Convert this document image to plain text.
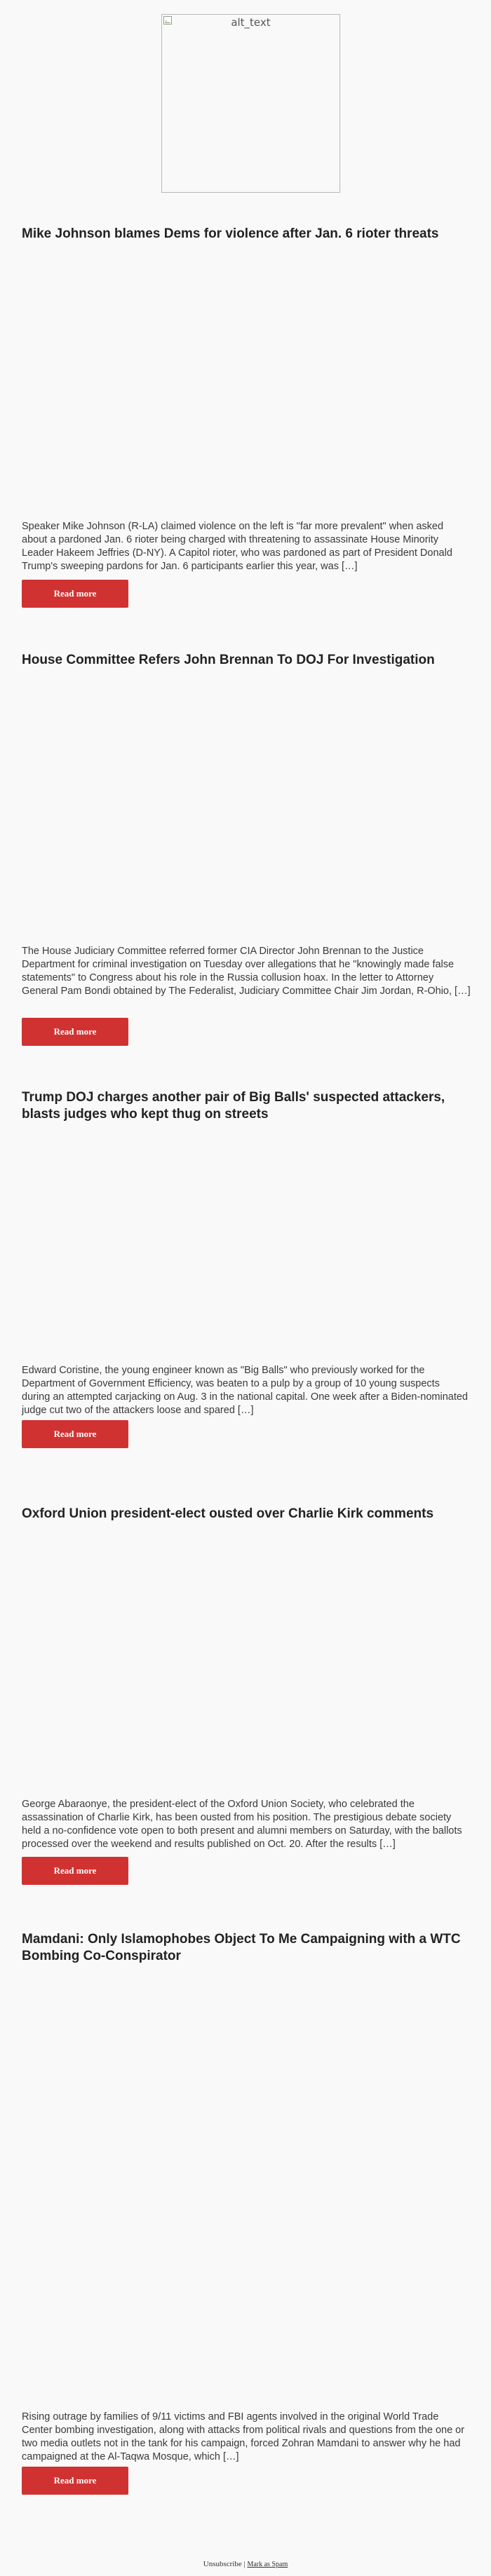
alt_text
Mike Johnson blames Dems for violence after Jan. 6 rioter threats

Speaker Mike Johnson (R-LA) claimed violence on the left is "far more prevalent" when asked about a pardoned Jan. 6 rioter being charged with threatening to assassinate House Minority Leader Hakeem Jeffries (D-NY). A Capitol rioter, who was pardoned as part of President Donald Trump's sweeping pardons for Jan. 6 participants earlier this year, was […]

Read more
House Committee Refers John Brennan To DOJ For Investigation

The House Judiciary Committee referred former CIA Director John Brennan to the Justice Department for criminal investigation on Tuesday over allegations that he "knowingly made false statements" to Congress about his role in the Russia collusion hoax. In the letter to Attorney General Pam Bondi obtained by The Federalist, Judiciary Committee Chair Jim Jordan, R-Ohio, […]

Read more
Trump DOJ charges another pair of Big Balls' suspected attackers, blasts judges who kept thug on streets

Edward Coristine, the young engineer known as "Big Balls" who previously worked for the Department of Government Efficiency, was beaten to a pulp by a group of 10 young suspects during an attempted carjacking on Aug. 3 in the national capital. One week after a Biden-nominated judge cut two of the attackers loose and spared […]

Read more
Oxford Union president-elect ousted over Charlie Kirk comments

George Abaraonye, the president-elect of the Oxford Union Society, who celebrated the assassination of Charlie Kirk, has been ousted from his position. The prestigious debate society held a no-confidence vote open to both present and alumni members on Saturday, with the ballots processed over the weekend and results published on Oct. 20. After the results […]

Read more
Mamdani: Only Islamophobes Object To Me Campaigning with a WTC Bombing Co-Conspirator

Rising outrage by families of 9/11 victims and FBI agents involved in the original World Trade Center bombing investigation, along with attacks from political rivals and questions from the one or two media outlets not in the tank for his campaign, forced Zohran Mamdani to answer why he had campaigned at the Al-Taqwa Mosque, which […]

Read more
Unsubscribe | Mark as Spam
